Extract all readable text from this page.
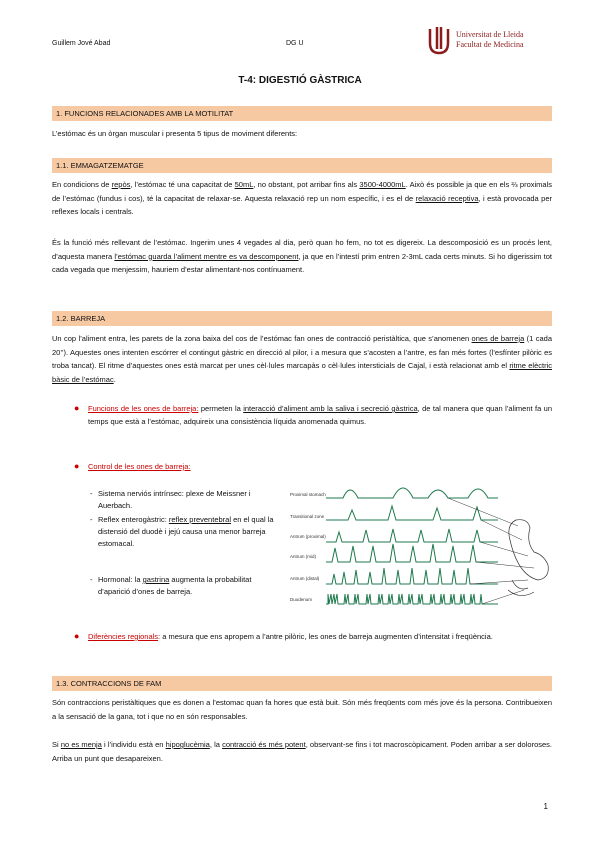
Guillem Jové Abad	DG U
Universitat de Lleida
Facultat de Medicina
T-4: DIGESTIÓ GÀSTRICA
1. FUNCIONS RELACIONADES AMB LA MOTILITAT
L’estómac és un òrgan muscular i presenta 5 tipus de moviment diferents:
1.1. EMMAGATZEMATGE
En condicions de repòs, l’estómac té una capacitat de 50mL, no obstant, pot arribar fins als 3500-4000mL. Això és possible ja que en els ⅔ proximals de l’estómac (fundus i cos), té la capacitat de relaxar-se. Aquesta relaxació rep un nom específic, i es el de relaxació receptiva, i està provocada per reflexes locals i centrals.
És la funció més rellevant de l’estómac. Ingerim unes 4 vegades al dia, però quan ho fem, no tot es digereix. La descomposició es un procés lent, d’aquesta manera l’estómac guarda l’aliment mentre es va descomponent, ja que en l’intestí prim entren 2-3mL cada certs minuts. Si ho digerissim tot cada vegada que menjessim, hauriem d’estar alimentant-nos contínuament.
1.2. BARREJA
Un cop l’aliment entra, les parets de la zona baixa del cos de l’estómac fan ones de contracció peristàltica, que s’anomenen ones de barreja (1 cada 20’’). Aquestes ones intenten escórrer el contingut gàstric en direcció al pilor, i a mesura que s’acosten a l’antre, es fan més fortes (l’esfínter pilòric es troba tancat). El ritme d’aquestes ones està marcat per unes cèl·lules marcapàs o cèl·lules intersticials de Cajal, i està relacionat amb el ritme elèctric bàsic de l’estómac.
● Funcions de les ones de barreja: permeten la interacció d’aliment amb la saliva i secreció gàstrica, de tal manera que quan l’aliment fa un temps que està a l’estómac, adquireix una consistència líquida anomenada quimus.
● Control de les ones de barreja:
- Sistema nerviós intrínsec: plexe de Meissner i Auerbach.
- Reflex enterogàstric: reflex preventebral en el qual la distensió del duodè i jejú causa una menor barreja estomacal.
- Hormonal: la gastrina augmenta la probabilitat d’aparició d’ones de barreja.
Proximal stomach
Transitional zone
Antrum (proximal)
Antrum (mid)
Antrum (distal)
Duodenum
● Diferències regionals: a mesura que ens apropem a l’antre pilòric, les ones de barreja augmenten d’intensitat i freqüència.
1.3. CONTRACCIONS DE FAM
Són contraccions peristàltiques que es donen a l’estomac quan fa hores que està buit. Són més freqüents com més jove és la persona. Contribueixen a la sensació de la gana, tot i que no en són responsables.
Si no es menja i l’individu està en hipoglucèmia, la contracció és més potent, observant-se fins i tot macroscòpicament. Poden arribar a ser doloroses. Arriba un punt que desapareixen.
1
